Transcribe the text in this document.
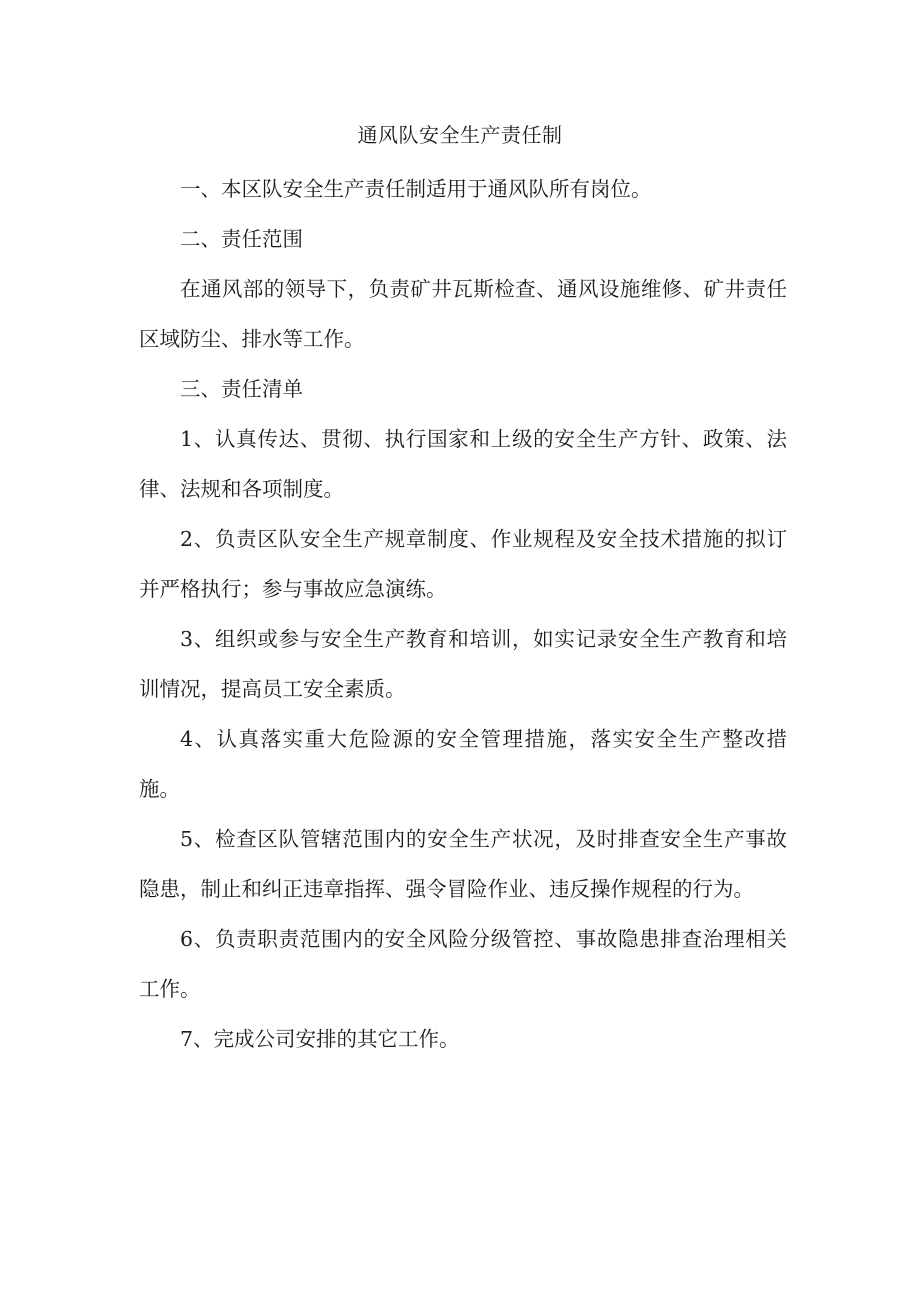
通风队安全生产责任制

一、本区队安全生产责任制适用于通风队所有岗位。

二、责任范围

在通风部的领导下，负责矿井瓦斯检查、通风设施维修、矿井责任区域防尘、排水等工作。

三、责任清单

1、认真传达、贯彻、执行国家和上级的安全生产方针、政策、法律、法规和各项制度。

2、负责区队安全生产规章制度、作业规程及安全技术措施的拟订并严格执行；参与事故应急演练。

3、组织或参与安全生产教育和培训，如实记录安全生产教育和培训情况，提高员工安全素质。

4、认真落实重大危险源的安全管理措施，落实安全生产整改措施。

5、检查区队管辖范围内的安全生产状况，及时排查安全生产事故隐患，制止和纠正违章指挥、强令冒险作业、违反操作规程的行为。

6、负责职责范围内的安全风险分级管控、事故隐患排查治理相关工作。

7、完成公司安排的其它工作。
